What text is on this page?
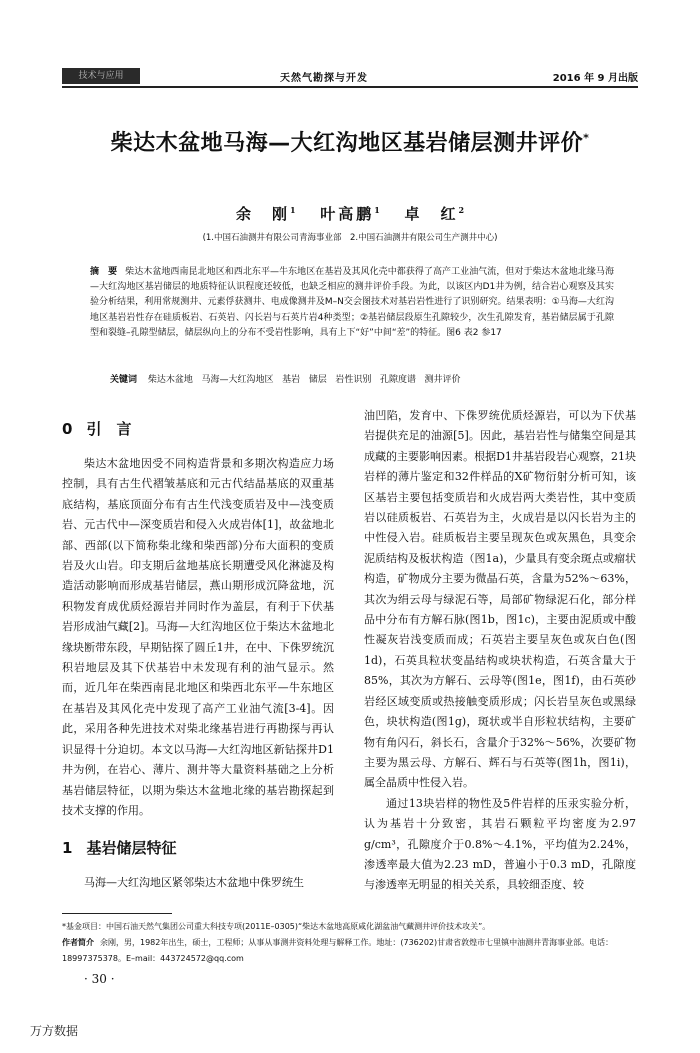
技术与应用	天然气勘探与开发	2016 年 9 月出版
柴达木盆地马海—大红沟地区基岩储层测井评价*
余　刚$^1$ 叶高鹏$^1$ 卓　红$^2$
(1.中国石油测井有限公司青海事业部　2.中国石油测井有限公司生产测井中心)
摘　要 柴达木盆地西南昆北地区和西北东平—牛东地区在基岩及其风化壳中都获得了高产工业油气流，但对于柴达木盆地北缘马海—大红沟地区基岩储层的地质特征认识程度还较低，也缺乏相应的测井评价手段。为此，以该区内D1井为例，结合岩心观察及其实验分析结果，利用常规测井、元素俘获测井、电成像测井及M–N交会图技术对基岩岩性进行了识别研究。结果表明：①马海—大红沟地区基岩岩性存在硅质板岩、石英岩、闪长岩与石英片岩4种类型；②基岩储层段原生孔隙较少，次生孔隙发育，基岩储层属于孔隙型和裂缝–孔隙型储层，储层纵向上的分布不受岩性影响，具有上下“好”中间“差”的特征。图6 表2 参17
关键词 柴达木盆地 马海—大红沟地区 基岩 储层 岩性识别 孔隙度谱 测井评价
0 引　言

柴达木盆地因受不同构造背景和多期次构造应力场控制，具有古生代褶皱基底和元古代结晶基底的双重基底结构，基底顶面分布有古生代浅变质岩及中—浅变质岩、元古代中—深变质岩和侵入火成岩体[1]，故盆地北部、西部(以下简称柴北缘和柴西部)分布大面积的变质岩及火山岩。印支期后盆地基底长期遭受风化淋滤及构造活动影响而形成基岩储层，燕山期形成沉降盆地，沉积物发育成优质烃源岩并同时作为盖层，有利于下伏基岩形成油气藏[2]。马海—大红沟地区位于柴达木盆地北缘块断带东段，早期钻探了圆丘1井，在中、下侏罗统沉积岩地层及其下伏基岩中未发现有利的油气显示。然而，近几年在柴西南昆北地区和柴西北东平—牛东地区在基岩及其风化壳中发现了高产工业油气流[3-4]。因此，采用各种先进技术对柴北缘基岩进行再勘探与再认识显得十分迫切。本文以马海—大红沟地区新钻探井D1井为例，在岩心、薄片、测井等大量资料基础之上分析基岩储层特征，以期为柴达木盆地北缘的基岩勘探起到技术支撑的作用。

1 基岩储层特征

马海—大红沟地区紧邻柴达木盆地中侏罗统生

油凹陷，发育中、下侏罗统优质烃源岩，可以为下伏基岩提供充足的油源[5]。因此，基岩岩性与储集空间是其成藏的主要影响因素。根据D1井基岩段岩心观察，21块岩样的薄片鉴定和32件样品的X矿物衍射分析可知，该区基岩主要包括变质岩和火成岩两大类岩性，其中变质岩以硅质板岩、石英岩为主，火成岩是以闪长岩为主的中性侵入岩。硅质板岩主要呈现灰色或灰黑色，具变余泥质结构及板状构造（图1a)，少量具有变余斑点或瘤状构造，矿物成分主要为微晶石英，含量为52%～63%，其次为绢云母与绿泥石等，局部矿物绿泥石化，部分样品中分布有方解石脉(图1b，图1c)，主要由泥质或中酸性凝灰岩浅变质而成；石英岩主要呈灰色或灰白色(图1d)，石英具粒状变晶结构或块状构造，石英含量大于85%，其次为方解石、云母等(图1e，图1f)，由石英砂岩经区域变质或热接触变质形成；闪长岩呈灰色或黑绿色，块状构造(图1g)，斑状或半自形粒状结构，主要矿物有角闪石，斜长石，含量介于32%～56%，次要矿物主要为黑云母、方解石、辉石与石英等(图1h，图1i)，属全晶质中性侵入岩。

通过13块岩样的物性及5件岩样的压汞实验分析，认为基岩十分致密，其岩石颗粒平均密度为2.97 g/cm³，孔隙度介于0.8%～4.1%，平均值为2.24%，渗透率最大值为2.23 mD，普遍小于0.3 mD，孔隙度与渗透率无明显的相关关系，具较细歪度、较

*基金项目：中国石油天然气集团公司重大科技专项(2011E–0305)“柴达木盆地高原咸化湖盆油气藏测井评价技术攻关”。
作者简介 余刚，男，1982年出生，硕士，工程师；从事从事测井资料处理与解释工作。地址：(736202)甘肃省敦煌市七里镇中油测井青海事业部。电话：18997375378。E–mail：443724572@qq.com
· 30 ·
万方数据
